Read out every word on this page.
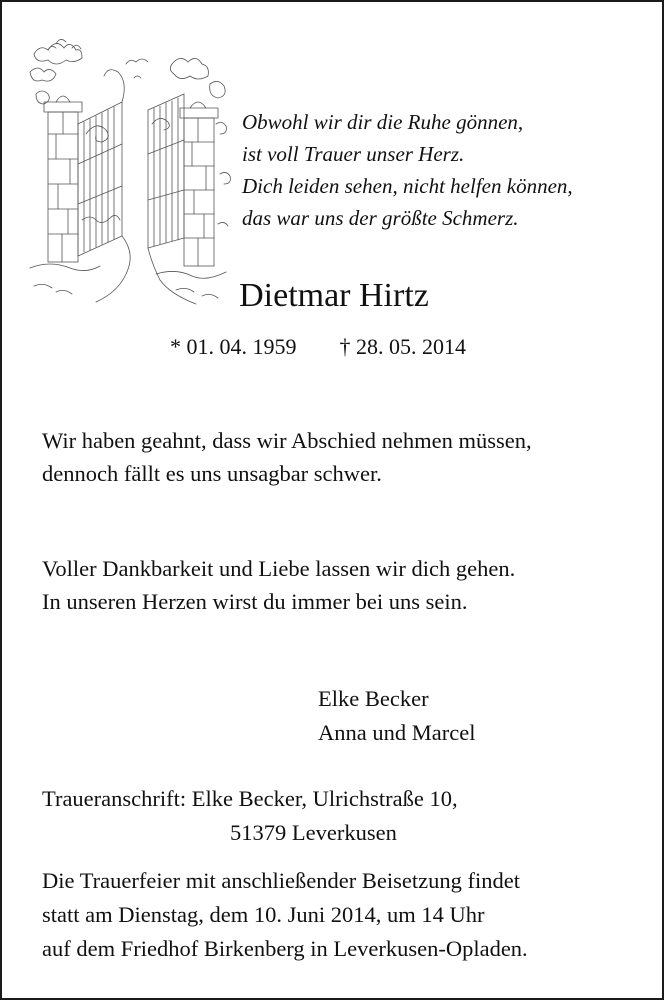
Obwohl wir dir die Ruhe gönnen,
ist voll Trauer unser Herz.
Dich leiden sehen, nicht helfen können,
das war uns der größte Schmerz.
Dietmar Hirtz
* 01. 04. 1959 † 28. 05. 2014
Wir haben geahnt, dass wir Abschied nehmen müssen,
dennoch fällt es uns unsagbar schwer.
Voller Dankbarkeit und Liebe lassen wir dich gehen.
In unseren Herzen wirst du immer bei uns sein.
Elke Becker
Anna und Marcel
Traueranschrift: Elke Becker, Ulrichstraße 10,
51379 Leverkusen
Die Trauerfeier mit anschließender Beisetzung findet
statt am Dienstag, dem 10. Juni 2014, um 14 Uhr
auf dem Friedhof Birkenberg in Leverkusen-Opladen.
